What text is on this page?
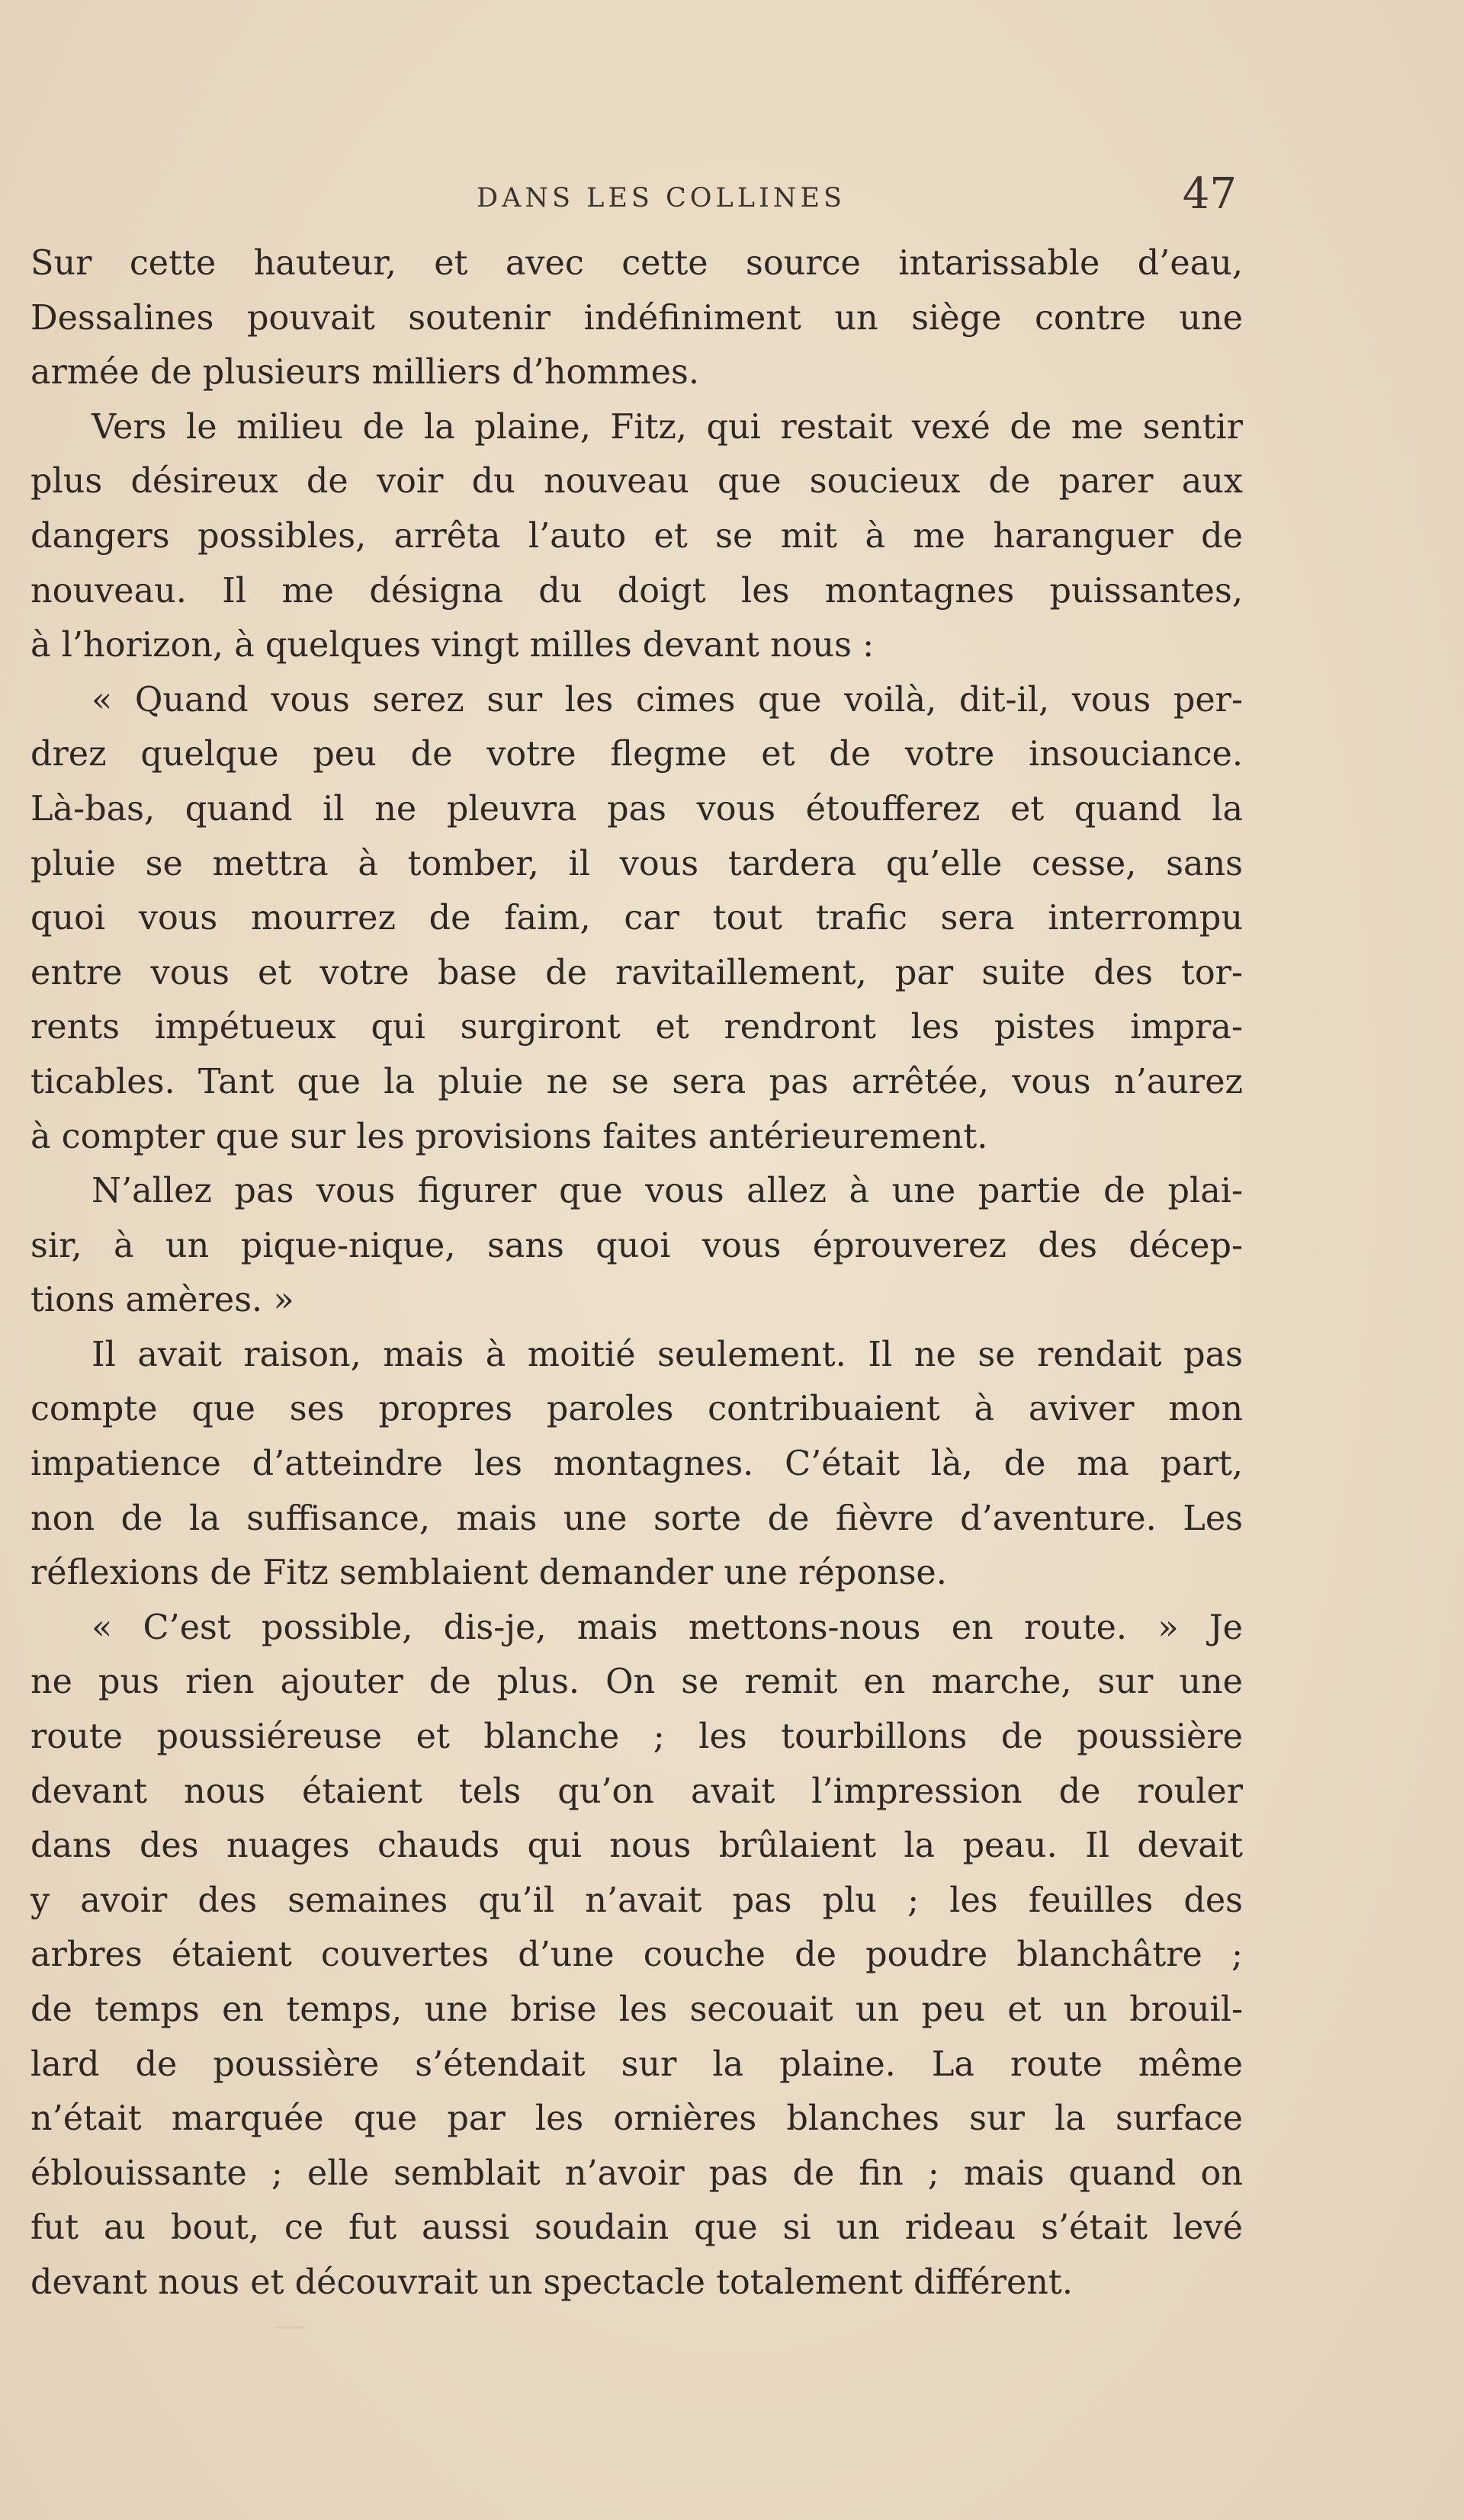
DANS LES COLLINES	47
Sur cette hauteur, et avec cette source intarissable d’eau,
Dessalines pouvait soutenir indéfiniment un siège contre une
armée de plusieurs milliers d’hommes.
Vers le milieu de la plaine, Fitz, qui restait vexé de me sentir
plus désireux de voir du nouveau que soucieux de parer aux
dangers possibles, arrêta l’auto et se mit à me haranguer de
nouveau. Il me désigna du doigt les montagnes puissantes,
à l’horizon, à quelques vingt milles devant nous :
« Quand vous serez sur les cimes que voilà, dit-il, vous per-
drez quelque peu de votre flegme et de votre insouciance.
Là-bas, quand il ne pleuvra pas vous étoufferez et quand la
pluie se mettra à tomber, il vous tardera qu’elle cesse, sans
quoi vous mourrez de faim, car tout trafic sera interrompu
entre vous et votre base de ravitaillement, par suite des tor-
rents impétueux qui surgiront et rendront les pistes impra-
ticables. Tant que la pluie ne se sera pas arrêtée, vous n’aurez
à compter que sur les provisions faites antérieurement.
N’allez pas vous figurer que vous allez à une partie de plai-
sir, à un pique-nique, sans quoi vous éprouverez des décep-
tions amères. »
Il avait raison, mais à moitié seulement. Il ne se rendait pas
compte que ses propres paroles contribuaient à aviver mon
impatience d’atteindre les montagnes. C’était là, de ma part,
non de la suffisance, mais une sorte de fièvre d’aventure. Les
réflexions de Fitz semblaient demander une réponse.
« C’est possible, dis-je, mais mettons-nous en route. » Je
ne pus rien ajouter de plus. On se remit en marche, sur une
route poussiéreuse et blanche ; les tourbillons de poussière
devant nous étaient tels qu’on avait l’impression de rouler
dans des nuages chauds qui nous brûlaient la peau. Il devait
y avoir des semaines qu’il n’avait pas plu ; les feuilles des
arbres étaient couvertes d’une couche de poudre blanchâtre ;
de temps en temps, une brise les secouait un peu et un brouil-
lard de poussière s’étendait sur la plaine. La route même
n’était marquée que par les ornières blanches sur la surface
éblouissante ; elle semblait n’avoir pas de fin ; mais quand on
fut au bout, ce fut aussi soudain que si un rideau s’était levé
devant nous et découvrait un spectacle totalement différent.
